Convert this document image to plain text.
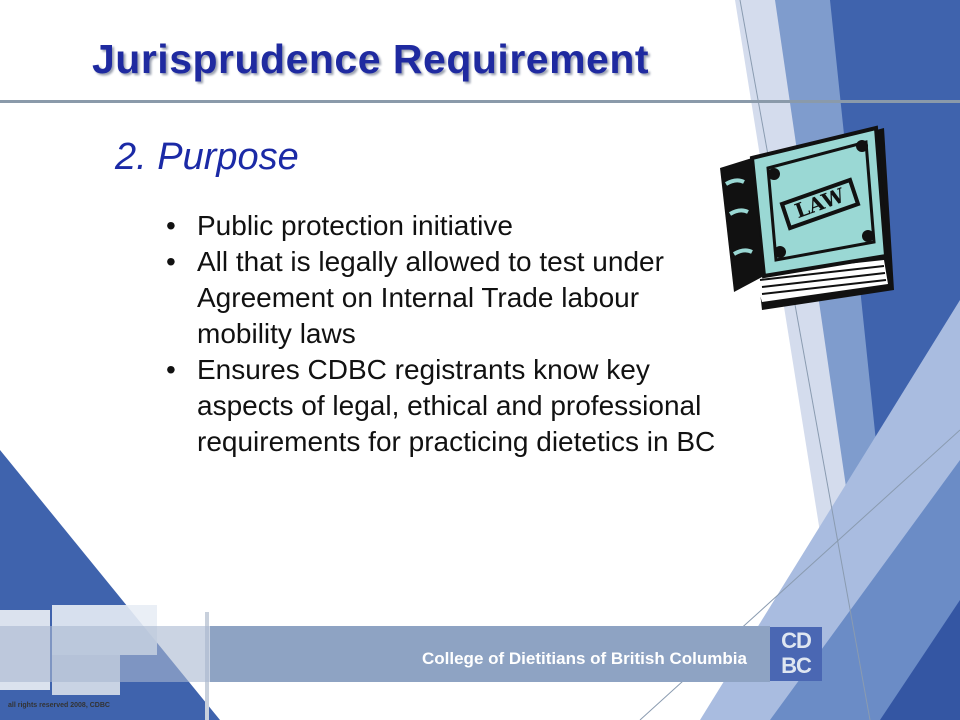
Jurisprudence Requirement
2. Purpose
• Public protection initiative
• All that is legally allowed to test under Agreement on Internal Trade labour mobility laws
• Ensures CDBC registrants know key aspects of legal, ethical and professional requirements for practicing dietetics in BC
LAW
College of Dietitians of British Columbia
CD
BC
all rights reserved 2008, CDBC
